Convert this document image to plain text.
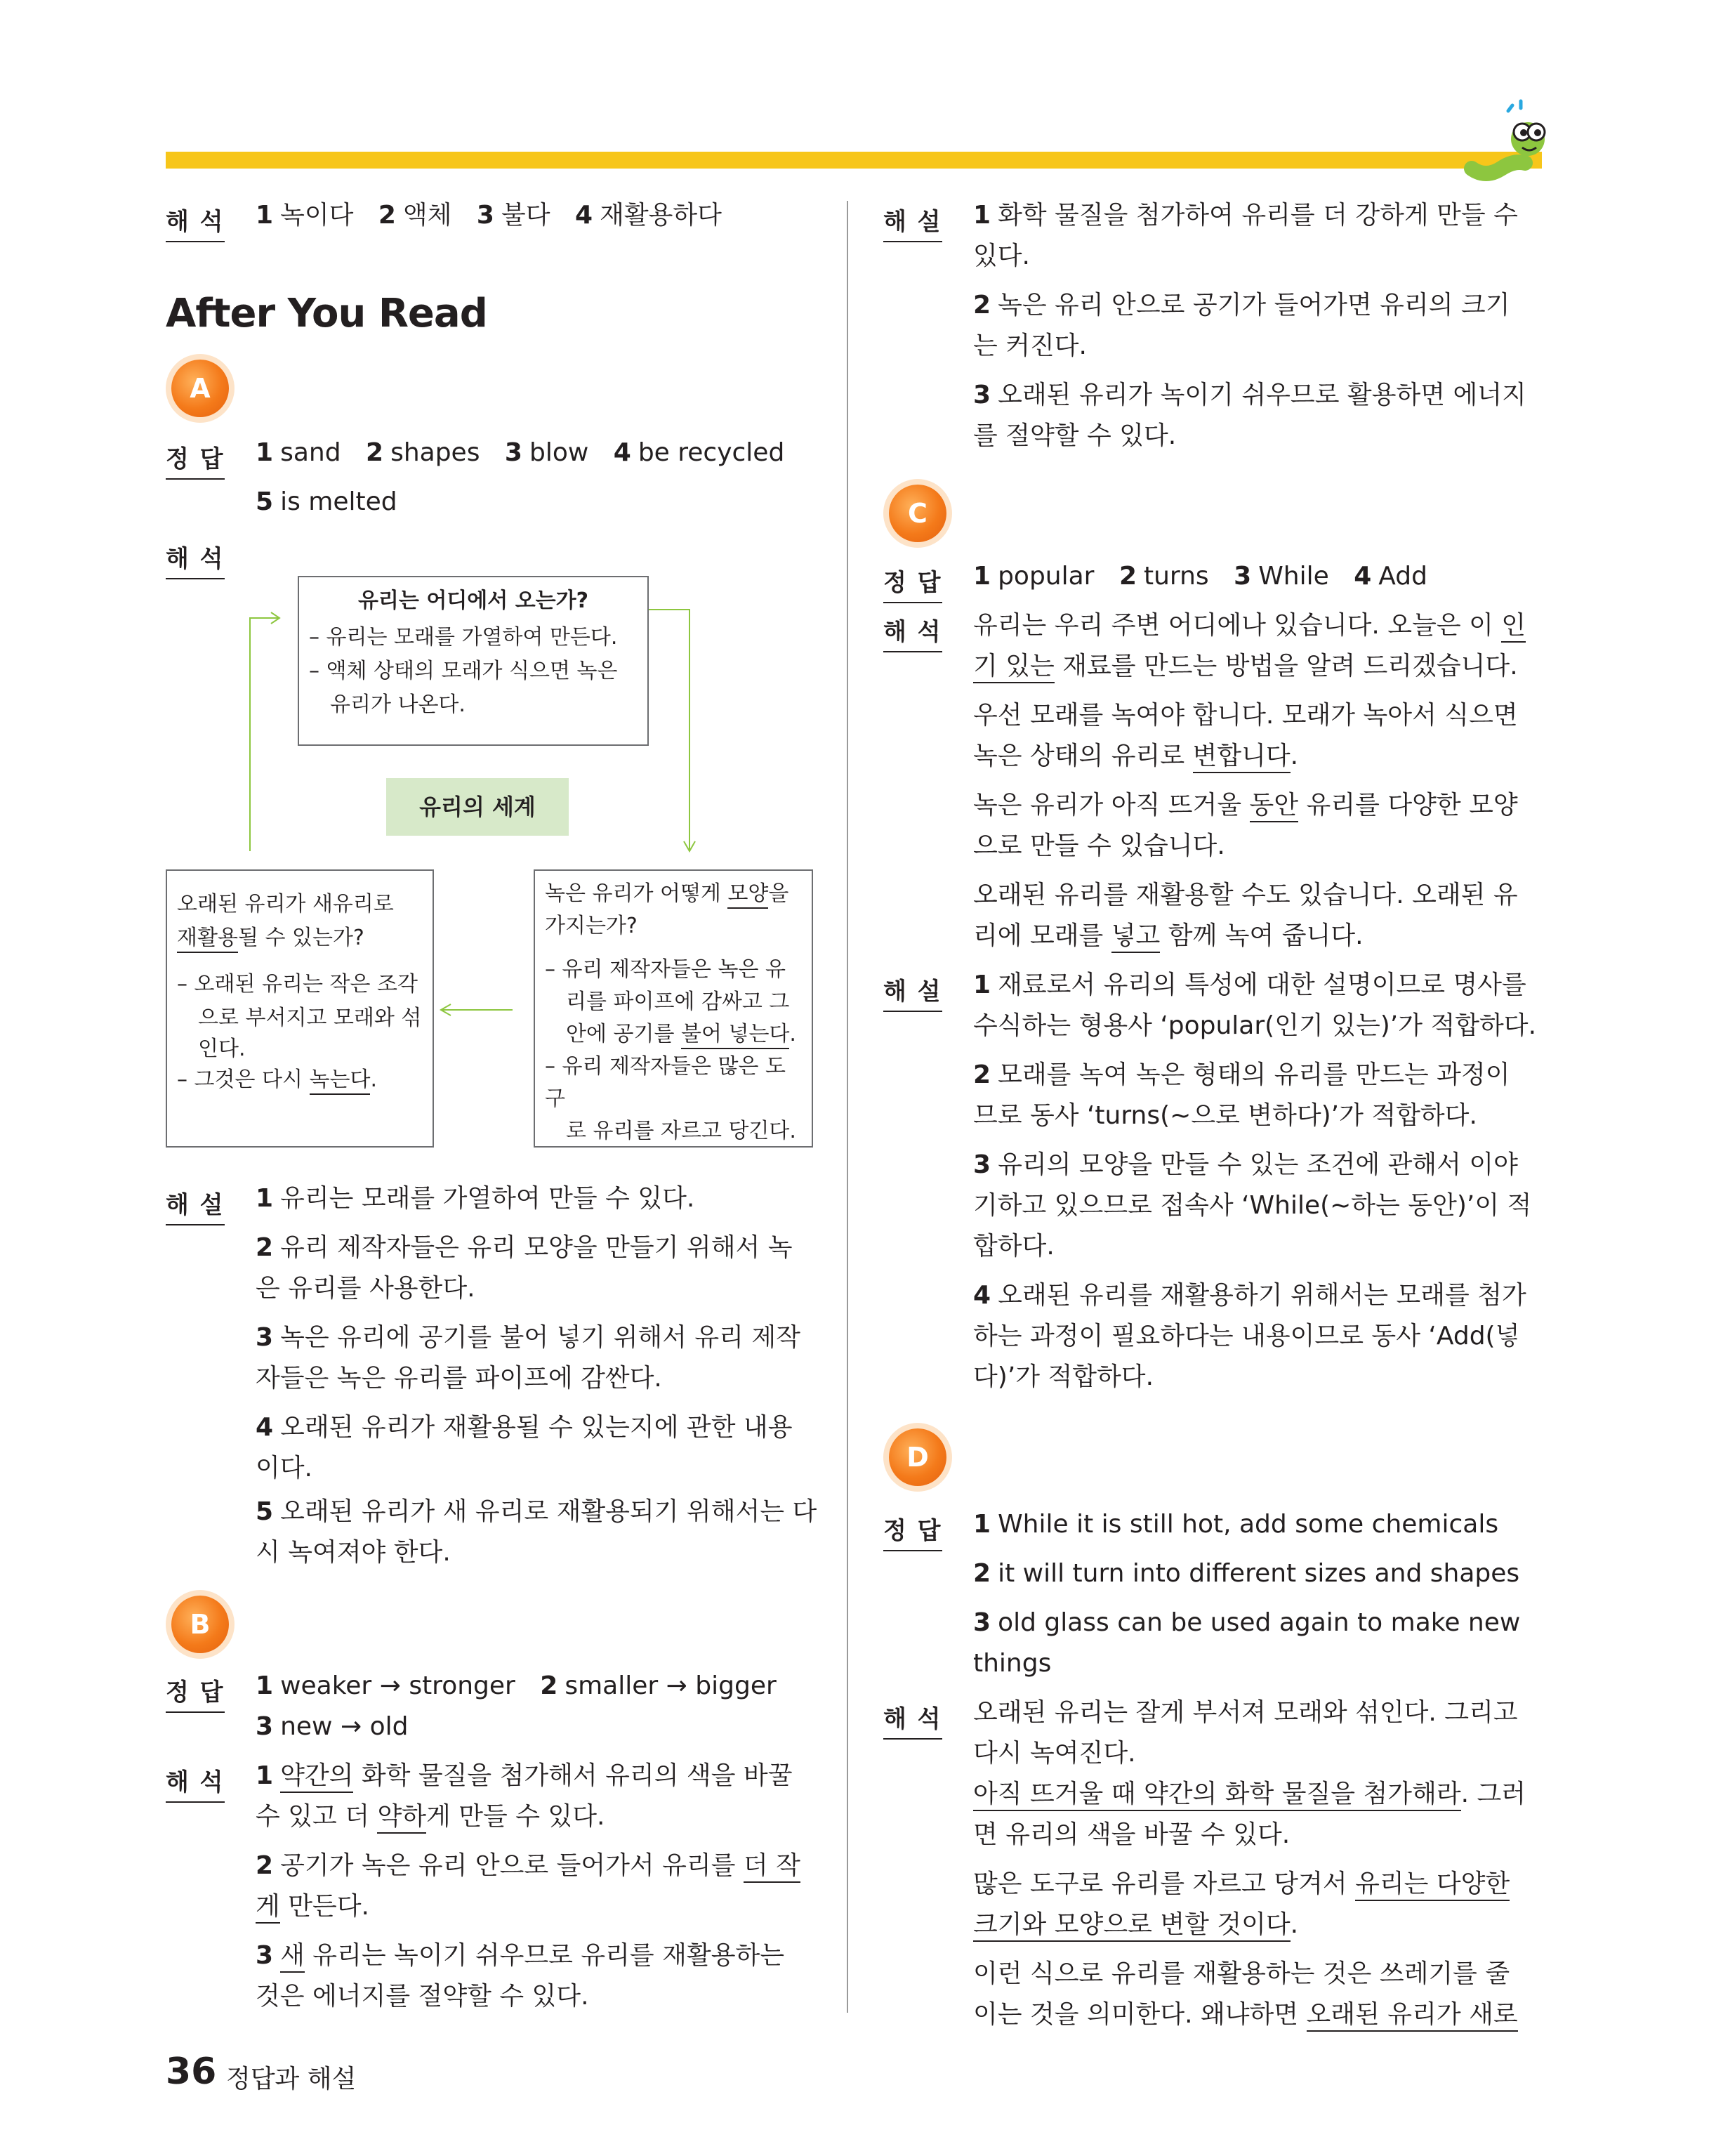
해 석 1 녹이다 2 액체 3 불다 4 재활용하다
After You Read
A
정 답 1 sand 2 shapes 3 blow 4 be recycled
5 is melted
해 석
유리는 어디에서 오는가?
– 유리는 모래를 가열하여 만든다.
– 액체 상태의 모래가 식으면 녹은
유리가 나온다.
유리의 세계
오래된 유리가 새유리로
재활용될 수 있는가?
– 오래된 유리는 작은 조각
으로 부서지고 모래와 섞
인다.
– 그것은 다시 녹는다.
녹은 유리가 어떻게 모양을
가지는가?
– 유리 제작자들은 녹은 유
리를 파이프에 감싸고 그
안에 공기를 불어 넣는다.
– 유리 제작자들은 많은 도구
로 유리를 자르고 당긴다.
해 설 1 유리는 모래를 가열하여 만들 수 있다.
2 유리 제작자들은 유리 모양을 만들기 위해서 녹
은 유리를 사용한다.
3 녹은 유리에 공기를 불어 넣기 위해서 유리 제작
자들은 녹은 유리를 파이프에 감싼다.
4 오래된 유리가 재활용될 수 있는지에 관한 내용
이다.
5 오래된 유리가 새 유리로 재활용되기 위해서는 다
시 녹여져야 한다.
B
정 답 1 weaker → stronger 2 smaller → bigger
3 new → old
해 석 1 약간의 화학 물질을 첨가해서 유리의 색을 바꿀
수 있고 더 약하게 만들 수 있다.
2 공기가 녹은 유리 안으로 들어가서 유리를 더 작
게 만든다.
3 새 유리는 녹이기 쉬우므로 유리를 재활용하는
것은 에너지를 절약할 수 있다.
해 설 1 화학 물질을 첨가하여 유리를 더 강하게 만들 수
있다.
2 녹은 유리 안으로 공기가 들어가면 유리의 크기
는 커진다.
3 오래된 유리가 녹이기 쉬우므로 활용하면 에너지
를 절약할 수 있다.
C
정 답 1 popular 2 turns 3 While 4 Add
해 석 유리는 우리 주변 어디에나 있습니다. 오늘은 이 인
기 있는 재료를 만드는 방법을 알려 드리겠습니다.
우선 모래를 녹여야 합니다. 모래가 녹아서 식으면
녹은 상태의 유리로 변합니다.
녹은 유리가 아직 뜨거울 동안 유리를 다양한 모양
으로 만들 수 있습니다.
오래된 유리를 재활용할 수도 있습니다. 오래된 유
리에 모래를 넣고 함께 녹여 줍니다.
해 설 1 재료로서 유리의 특성에 대한 설명이므로 명사를
수식하는 형용사 ‘popular(인기 있는)’가 적합하다.
2 모래를 녹여 녹은 형태의 유리를 만드는 과정이
므로 동사 ‘turns(~으로 변하다)’가 적합하다.
3 유리의 모양을 만들 수 있는 조건에 관해서 이야
기하고 있으므로 접속사 ‘While(~하는 동안)’이 적
합하다.
4 오래된 유리를 재활용하기 위해서는 모래를 첨가
하는 과정이 필요하다는 내용이므로 동사 ‘Add(넣
다)’가 적합하다.
D
정 답 1 While it is still hot, add some chemicals
2 it will turn into different sizes and shapes
3 old glass can be used again to make new
things
해 석 오래된 유리는 잘게 부서져 모래와 섞인다. 그리고
다시 녹여진다.
아직 뜨거울 때 약간의 화학 물질을 첨가해라. 그러
면 유리의 색을 바꿀 수 있다.
많은 도구로 유리를 자르고 당겨서 유리는 다양한
크기와 모양으로 변할 것이다.
이런 식으로 유리를 재활용하는 것은 쓰레기를 줄
이는 것을 의미한다. 왜냐하면 오래된 유리가 새로
36 정답과 해설
